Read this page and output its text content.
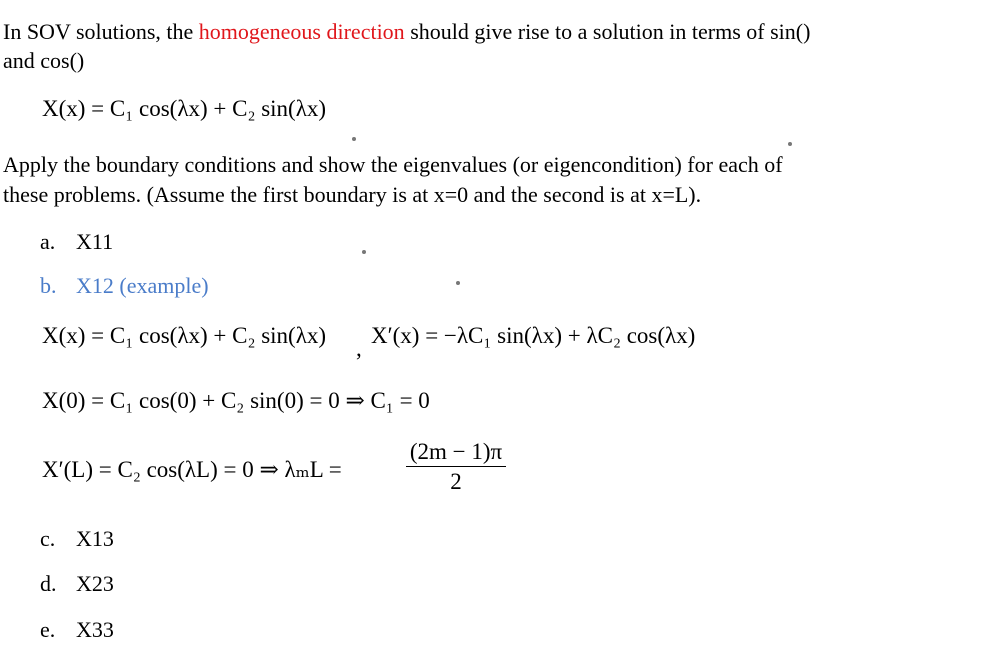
In SOV solutions, the homogeneous direction should give rise to a solution in terms of sin()

and cos()

X(x) = C₁ cos(λx) + C₂ sin(λx)

Apply the boundary conditions and show the eigenvalues (or eigencondition) for each of

these problems. (Assume the first boundary is at x=0 and the second is at x=L).

a. X11
b. X12 (example)
X(x) = C₁ cos(λx) + C₂ sin(λx)
,
X′(x) = −λC₁ sin(λx) + λC₂ cos(λx)
X(0) = C₁ cos(0) + C₂ sin(0) = 0 ⇒ C₁ = 0
X′(L) = C₂ cos(λL) = 0 ⇒ λₘL =
(2m − 1)π
2
c. X13
d. X23
e. X33
